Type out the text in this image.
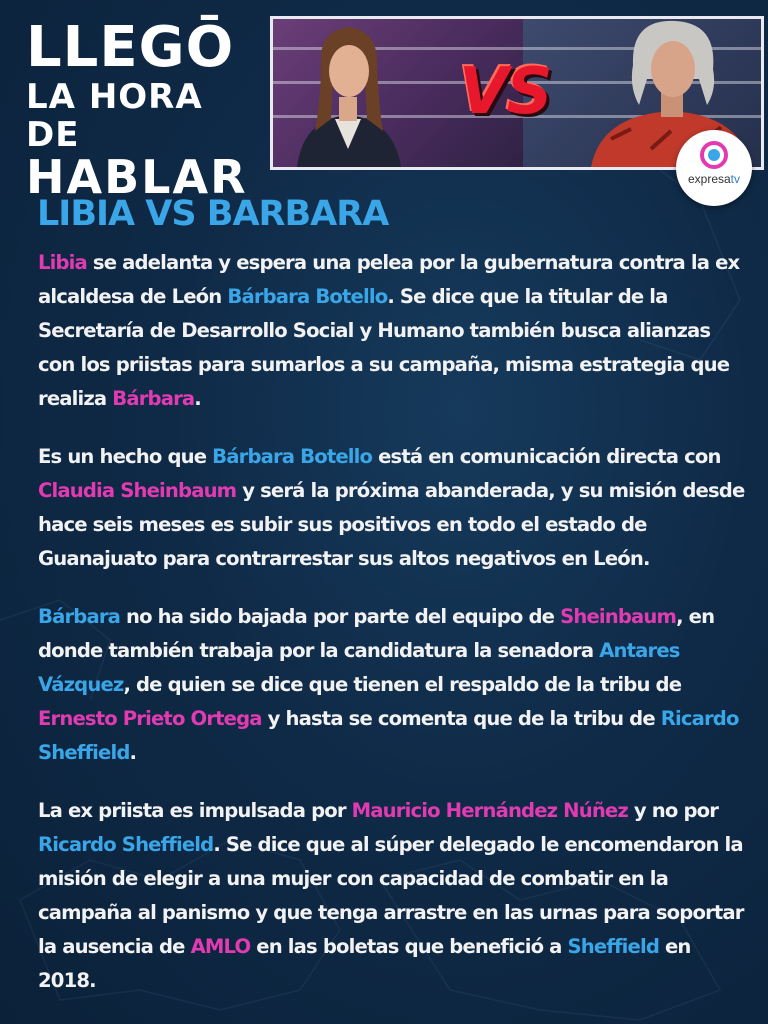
LLEGŌ
LA HORA DE
HABLAR
VS
expresatv
LIBIA VS BARBARA

Libia se adelanta y espera una pelea por la gubernatura contra la ex alcaldesa de León Bárbara Botello. Se dice que la titular de la Secretaría de Desarrollo Social y Humano también busca alianzas con los priistas para sumarlos a su campaña, misma estrategia que realiza Bárbara.

Es un hecho que Bárbara Botello está en comunicación directa con Claudia Sheinbaum y será la próxima abanderada, y su misión desde hace seis meses es subir sus positivos en todo el estado de Guanajuato para contrarrestar sus altos negativos en León.

Bárbara no ha sido bajada por parte del equipo de Sheinbaum, en donde también trabaja por la candidatura la senadora Antares Vázquez, de quien se dice que tienen el respaldo de la tribu de Ernesto Prieto Ortega y hasta se comenta que de la tribu de Ricardo Sheffield.

La ex priista es impulsada por Mauricio Hernández Núñez y no por Ricardo Sheffield. Se dice que al súper delegado le encomendaron la misión de elegir a una mujer con capacidad de combatir en la campaña al panismo y que tenga arrastre en las urnas para soportar la ausencia de AMLO en las boletas que benefició a Sheffield en 2018.
